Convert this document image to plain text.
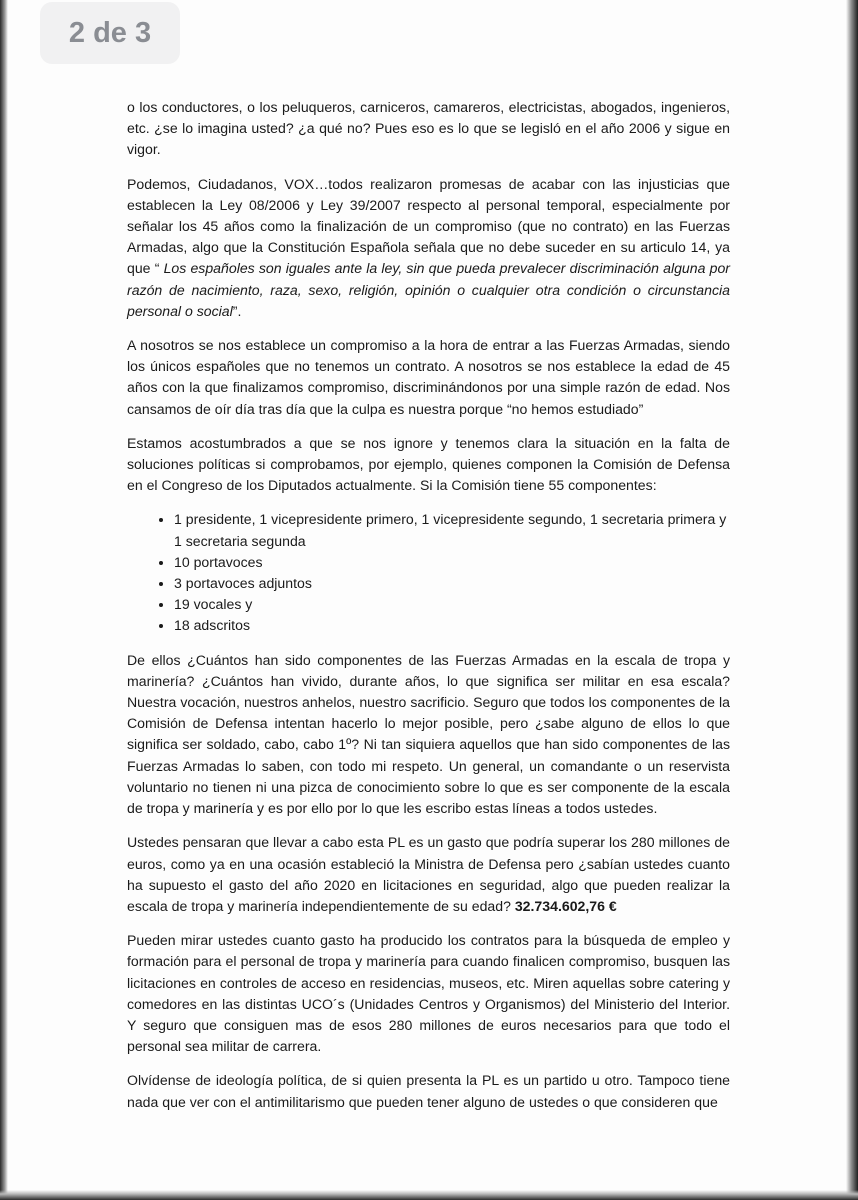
2 de 3

o los conductores, o los peluqueros, carniceros, camareros, electricistas, abogados, ingenieros, etc. ¿se lo imagina usted? ¿a qué no? Pues eso es lo que se legisló en el año 2006 y sigue en vigor.

Podemos, Ciudadanos, VOX…todos realizaron promesas de acabar con las injusticias que establecen la Ley 08/2006 y Ley 39/2007 respecto al personal temporal, especialmente por señalar los 45 años como la finalización de un compromiso (que no contrato) en las Fuerzas Armadas, algo que la Constitución Española señala que no debe suceder en su articulo 14, ya que “ Los españoles son iguales ante la ley, sin que pueda prevalecer discriminación alguna por razón de nacimiento, raza, sexo, religión, opinión o cualquier otra condición o circunstancia personal o social”.

A nosotros se nos establece un compromiso a la hora de entrar a las Fuerzas Armadas, siendo los únicos españoles que no tenemos un contrato. A nosotros se nos establece la edad de 45 años con la que finalizamos compromiso, discriminándonos por una simple razón de edad. Nos cansamos de oír día tras día que la culpa es nuestra porque “no hemos estudiado”

Estamos acostumbrados a que se nos ignore y tenemos clara la situación en la falta de soluciones políticas si comprobamos, por ejemplo, quienes componen la Comisión de Defensa en el Congreso de los Diputados actualmente. Si la Comisión tiene 55 componentes:

• 1 presidente, 1 vicepresidente primero, 1 vicepresidente segundo, 1 secretaria primera y 1 secretaria segunda
• 10 portavoces
• 3 portavoces adjuntos
• 19 vocales y
• 18 adscritos

De ellos ¿Cuántos han sido componentes de las Fuerzas Armadas en la escala de tropa y marinería? ¿Cuántos han vivido, durante años, lo que significa ser militar en esa escala? Nuestra vocación, nuestros anhelos, nuestro sacrificio. Seguro que todos los componentes de la Comisión de Defensa intentan hacerlo lo mejor posible, pero ¿sabe alguno de ellos lo que significa ser soldado, cabo, cabo 1º? Ni tan siquiera aquellos que han sido componentes de las Fuerzas Armadas lo saben, con todo mi respeto. Un general, un comandante o un reservista voluntario no tienen ni una pizca de conocimiento sobre lo que es ser componente de la escala de tropa y marinería y es por ello por lo que les escribo estas líneas a todos ustedes.

Ustedes pensaran que llevar a cabo esta PL es un gasto que podría superar los 280 millones de euros, como ya en una ocasión estableció la Ministra de Defensa pero ¿sabían ustedes cuanto ha supuesto el gasto del año 2020 en licitaciones en seguridad, algo que pueden realizar la escala de tropa y marinería independientemente de su edad? 32.734.602,76 €

Pueden mirar ustedes cuanto gasto ha producido los contratos para la búsqueda de empleo y formación para el personal de tropa y marinería para cuando finalicen compromiso, busquen las licitaciones en controles de acceso en residencias, museos, etc. Miren aquellas sobre catering y comedores en las distintas UCO´s (Unidades Centros y Organismos) del Ministerio del Interior. Y seguro que consiguen mas de esos 280 millones de euros necesarios para que todo el personal sea militar de carrera.

Olvídense de ideología política, de si quien presenta la PL es un partido u otro. Tampoco tiene nada que ver con el antimilitarismo que pueden tener alguno de ustedes o que consideren que
